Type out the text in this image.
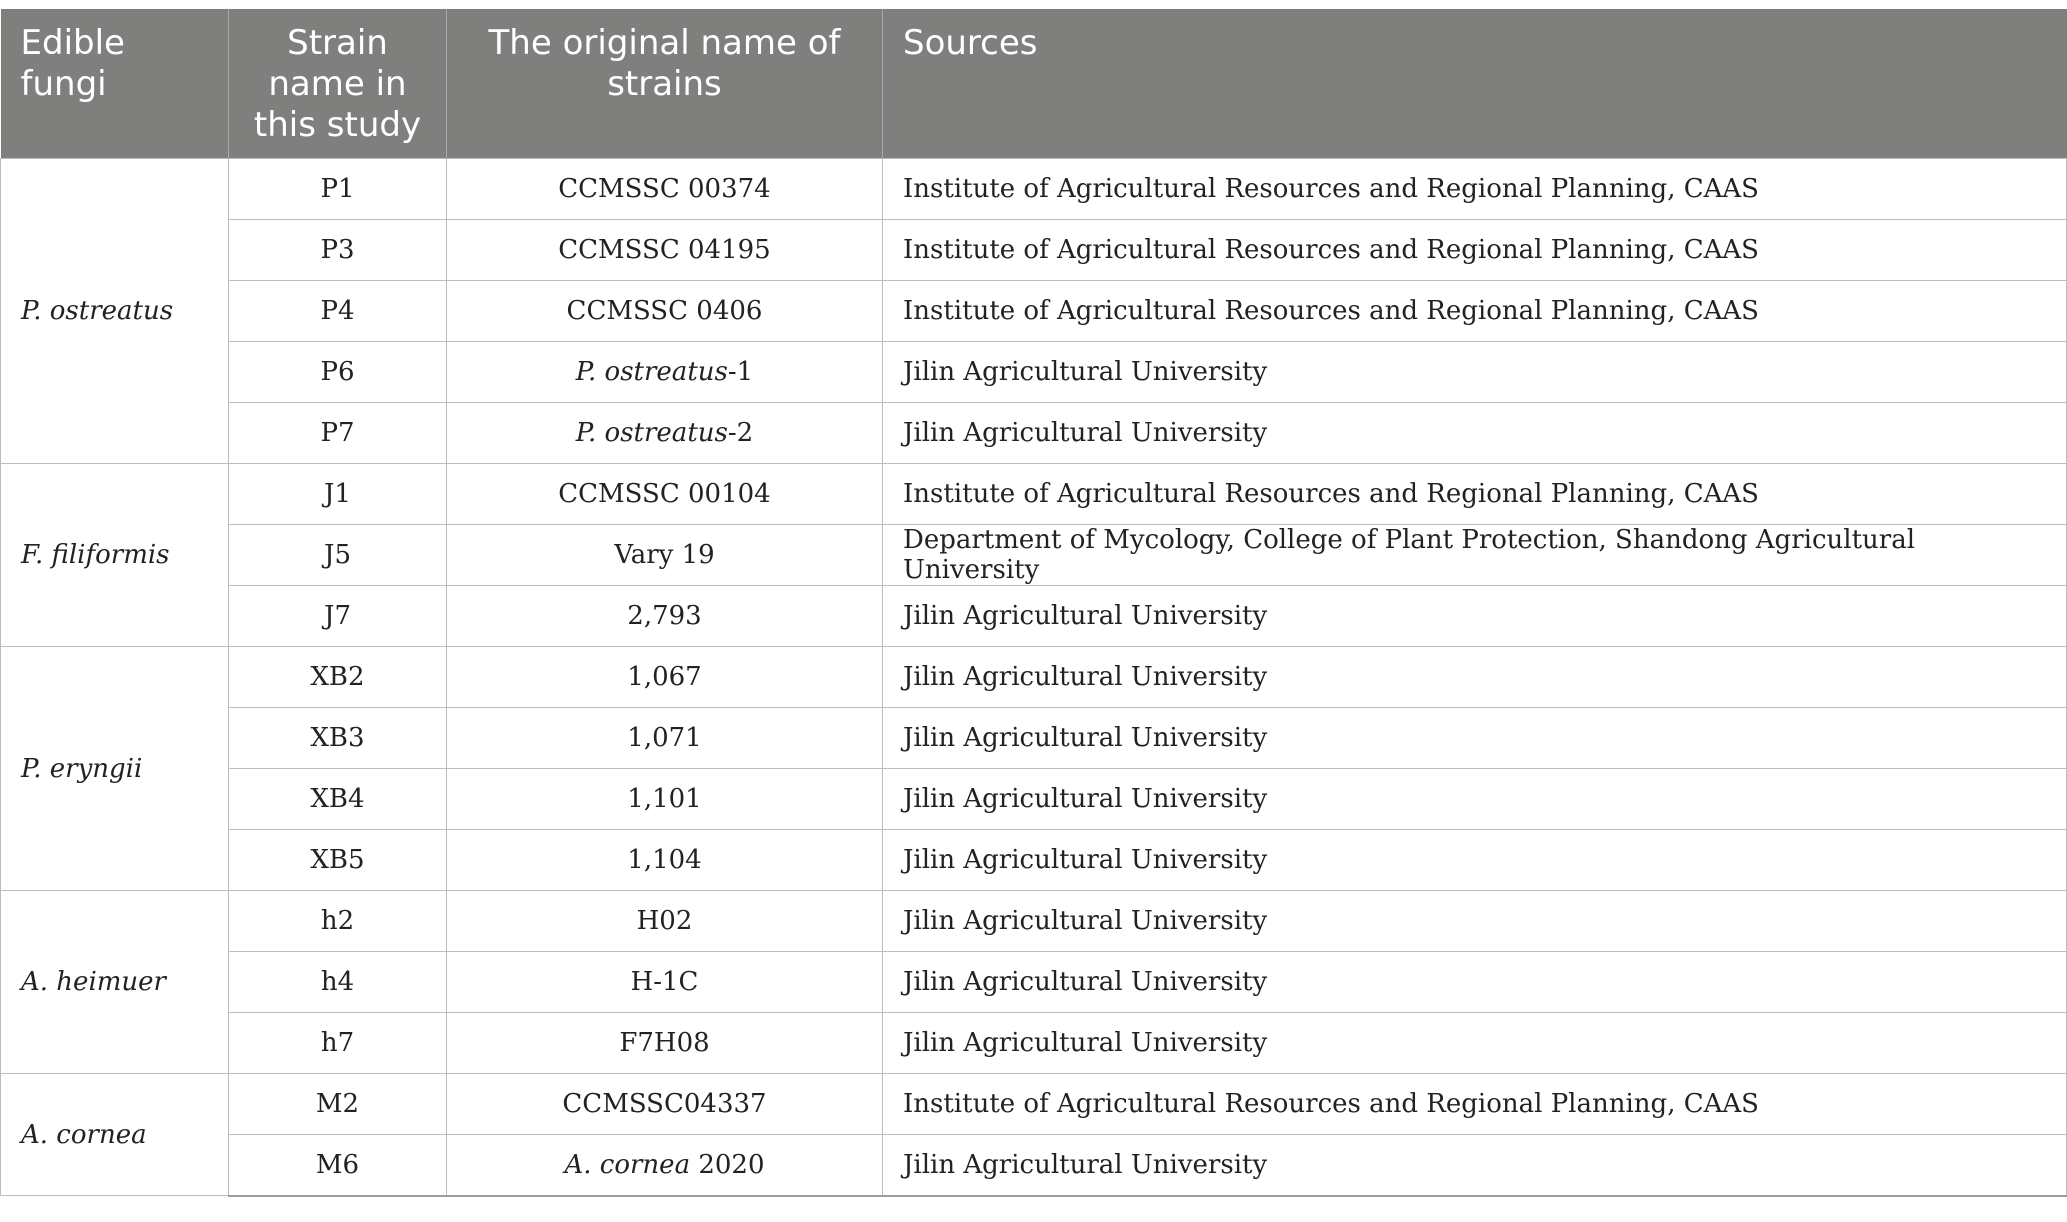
Edible fungi	Strain name in this study	The original name of strains	Sources
P. ostreatus	P1	CCMSSC 00374	Institute of Agricultural Resources and Regional Planning, CAAS
	P3	CCMSSC 04195	Institute of Agricultural Resources and Regional Planning, CAAS
	P4	CCMSSC 0406	Institute of Agricultural Resources and Regional Planning, CAAS
	P6	P. ostreatus-1	Jilin Agricultural University
	P7	P. ostreatus-2	Jilin Agricultural University
F. filiformis	J1	CCMSSC 00104	Institute of Agricultural Resources and Regional Planning, CAAS
	J5	Vary 19	Department of Mycology, College of Plant Protection, Shandong Agricultural University
	J7	2,793	Jilin Agricultural University
P. eryngii	XB2	1,067	Jilin Agricultural University
	XB3	1,071	Jilin Agricultural University
	XB4	1,101	Jilin Agricultural University
	XB5	1,104	Jilin Agricultural University
A. heimuer	h2	H02	Jilin Agricultural University
	h4	H-1C	Jilin Agricultural University
	h7	F7H08	Jilin Agricultural University
A. cornea	M2	CCMSSC04337	Institute of Agricultural Resources and Regional Planning, CAAS
	M6	A. cornea 2020	Jilin Agricultural University
